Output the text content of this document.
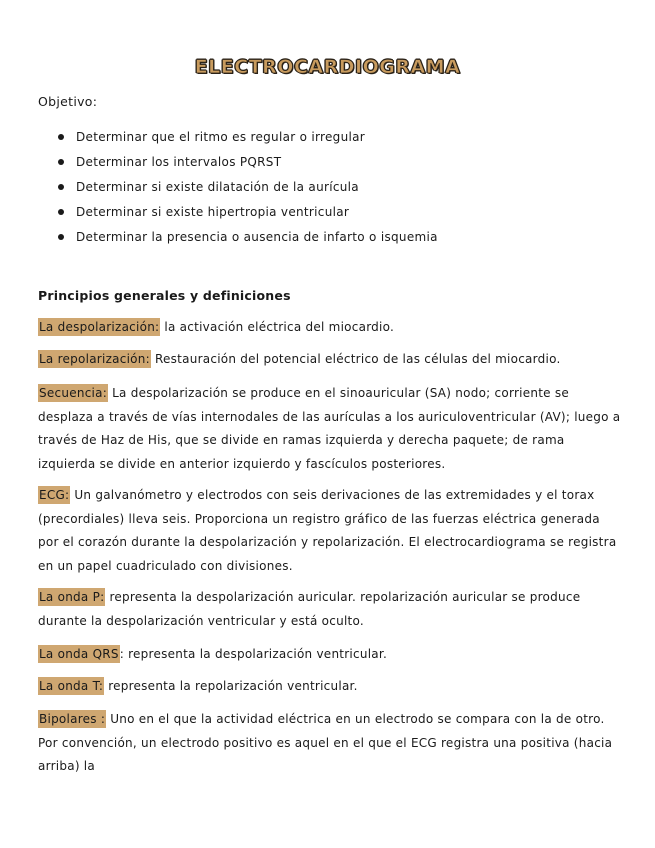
ELECTROCARDIOGRAMA
Objetivo:
Determinar que el ritmo es regular o irregular
Determinar los intervalos PQRST
Determinar si existe dilatación de la aurícula
Determinar si existe hipertropia ventricular
Determinar la presencia o ausencia de infarto o isquemia
Principios generales y definiciones

La despolarización: la activación eléctrica del miocardio.

La repolarización: Restauración del potencial eléctrico de las células del miocardio.

Secuencia: La despolarización se produce en el sinoauricular (SA) nodo; corriente se desplaza a través de vías internodales de las aurículas a los auriculoventricular (AV); luego a través de Haz de His, que se divide en ramas izquierda y derecha paquete; de rama izquierda se divide en anterior izquierdo y fascículos posteriores.

ECG: Un galvanómetro y electrodos con seis derivaciones de las extremidades y el torax (precordiales) lleva seis. Proporciona un registro gráfico de las fuerzas eléctrica generada por el corazón durante la despolarización y repolarización. El electrocardiograma se registra en un papel cuadriculado con divisiones.

La onda P: representa la despolarización auricular. repolarización auricular se produce durante la despolarización ventricular y está oculto.

La onda QRS: representa la despolarización ventricular.

La onda T: representa la repolarización ventricular.

Bipolares : Uno en el que la actividad eléctrica en un electrodo se compara con la de otro. Por convención, un electrodo positivo es aquel en el que el ECG registra una positiva (hacia arriba) la
